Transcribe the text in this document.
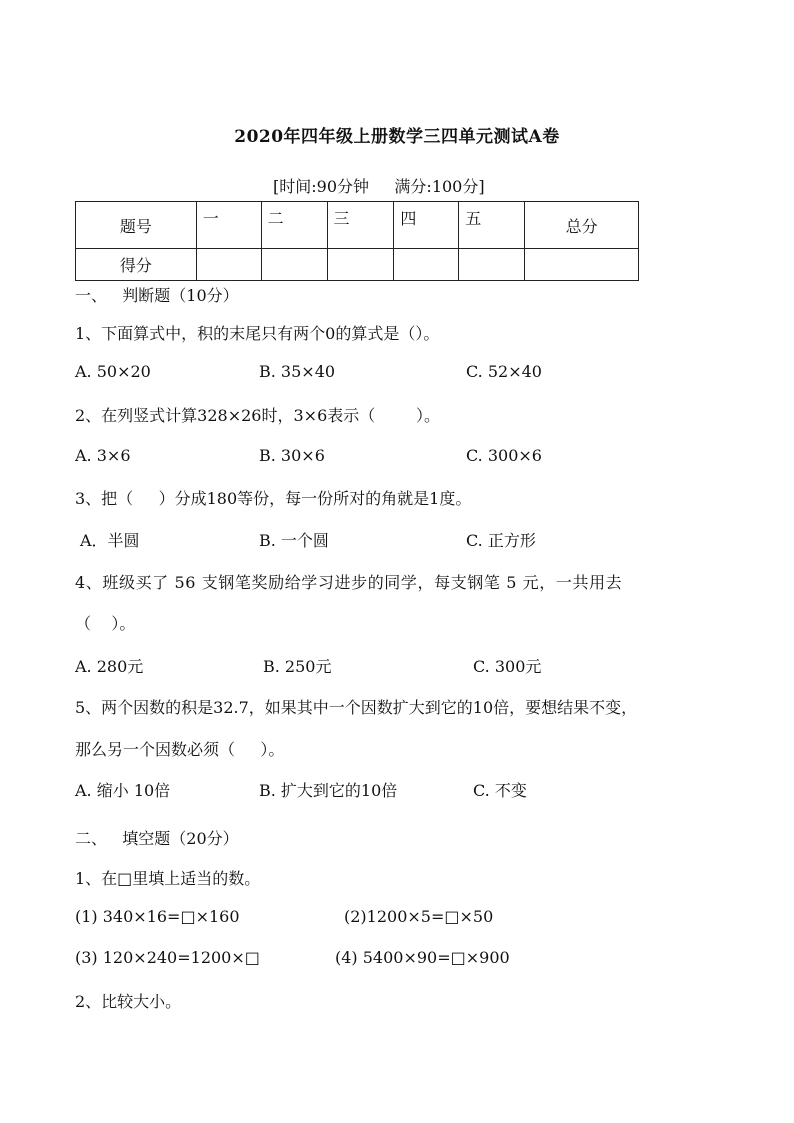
2020年四年级上册数学三四单元测试A卷
[时间:90分钟     满分:100分]
题号	一	二	三	四	五	总分
得分						
一、   判断题（10分）
1、下面算式中，积的末尾只有两个0的算式是（）。
A. 50×20	B. 35×40	C. 52×40
2、在列竖式计算328×26时，3×6表示（        ）。
A. 3×6	B. 30×6	C. 300×6
3、把（     ）分成180等份，每一份所对的角就是1度。
A．半圆	B. 一个圆	C. 正方形
4、班级买了 56 支钢笔奖励给学习进步的同学，每支钢笔 5 元，一共用去
（    ）。
A. 280元	B. 250元	C. 300元
5、两个因数的积是32.7，如果其中一个因数扩大到它的10倍，要想结果不变，
那么另一个因数必须（     ）。
A. 缩小 10倍	B. 扩大到它的10倍	C. 不变
二、   填空题（20分）
1、在□里填上适当的数。
(1) 340×16=□×160	(2)1200×5=□×50
(3) 120×240=1200×□	(4) 5400×90=□×900
2、比较大小。
